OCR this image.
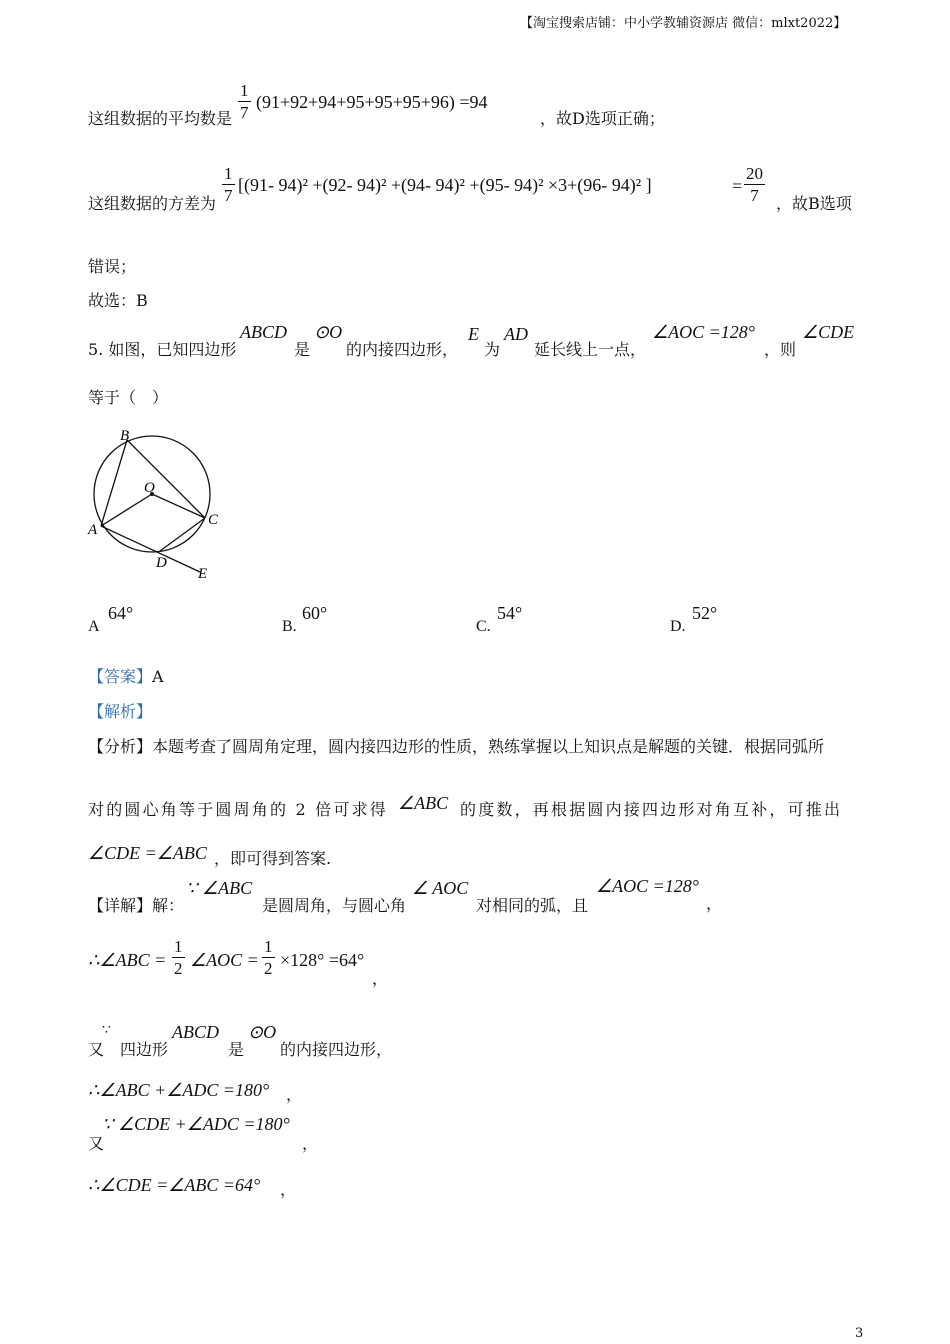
【淘宝搜索店铺：中小学教辅资源店 微信：mlxt2022】
这组数据的平均数是 $\frac{1}{7} (91+92+94+95+95+95+96) =94$
，故D选项正确；
这组数据的方差为 $\frac{1}{7} [(91-$ 94)² +(92- 94)² +(94- 94)² +(95- 94)² ×3+(96- 94)² ]	= $\frac{20}{7}$ ，故B选项
错误；
故选：B
5. 如图，已知四边形
ABCD
是
⊙O
的内接四边形，
E
为
AD
延长线上一点，
∠AOC =128°
，则
∠CDE
等于（　）
B
O
C
A
D
E
A
64°
B.
60°
C.
54°
D.
52°
【答案】A
【解析】
【分析】本题考查了圆周角定理，圆内接四边形的性质，熟练掌握以上知识点是解题的关键．根据同弧所
对的圆心角等于圆周角的 2 倍可求得 ∠ABC 的度数，再根据圆内接四边形对角互补，可推出
∠CDE =∠ABC ，即可得到答案.
【详解】解：
∵ ∠ABC
是圆周角，与圆心角
∠ AOC
对相同的弧，且
∠AOC =128°
，
∴∠ABC = $\frac{1}{2}$ ∠AOC = $\frac{1}{2} \times 128^\circ =64^\circ$
，
又
∵
四边形
ABCD
是
⊙O
的内接四边形，
∴∠ABC +∠ADC =180° ，
又
∵ ∠CDE +∠ADC =180°
，
∴∠CDE =∠ABC =64° ，
3
